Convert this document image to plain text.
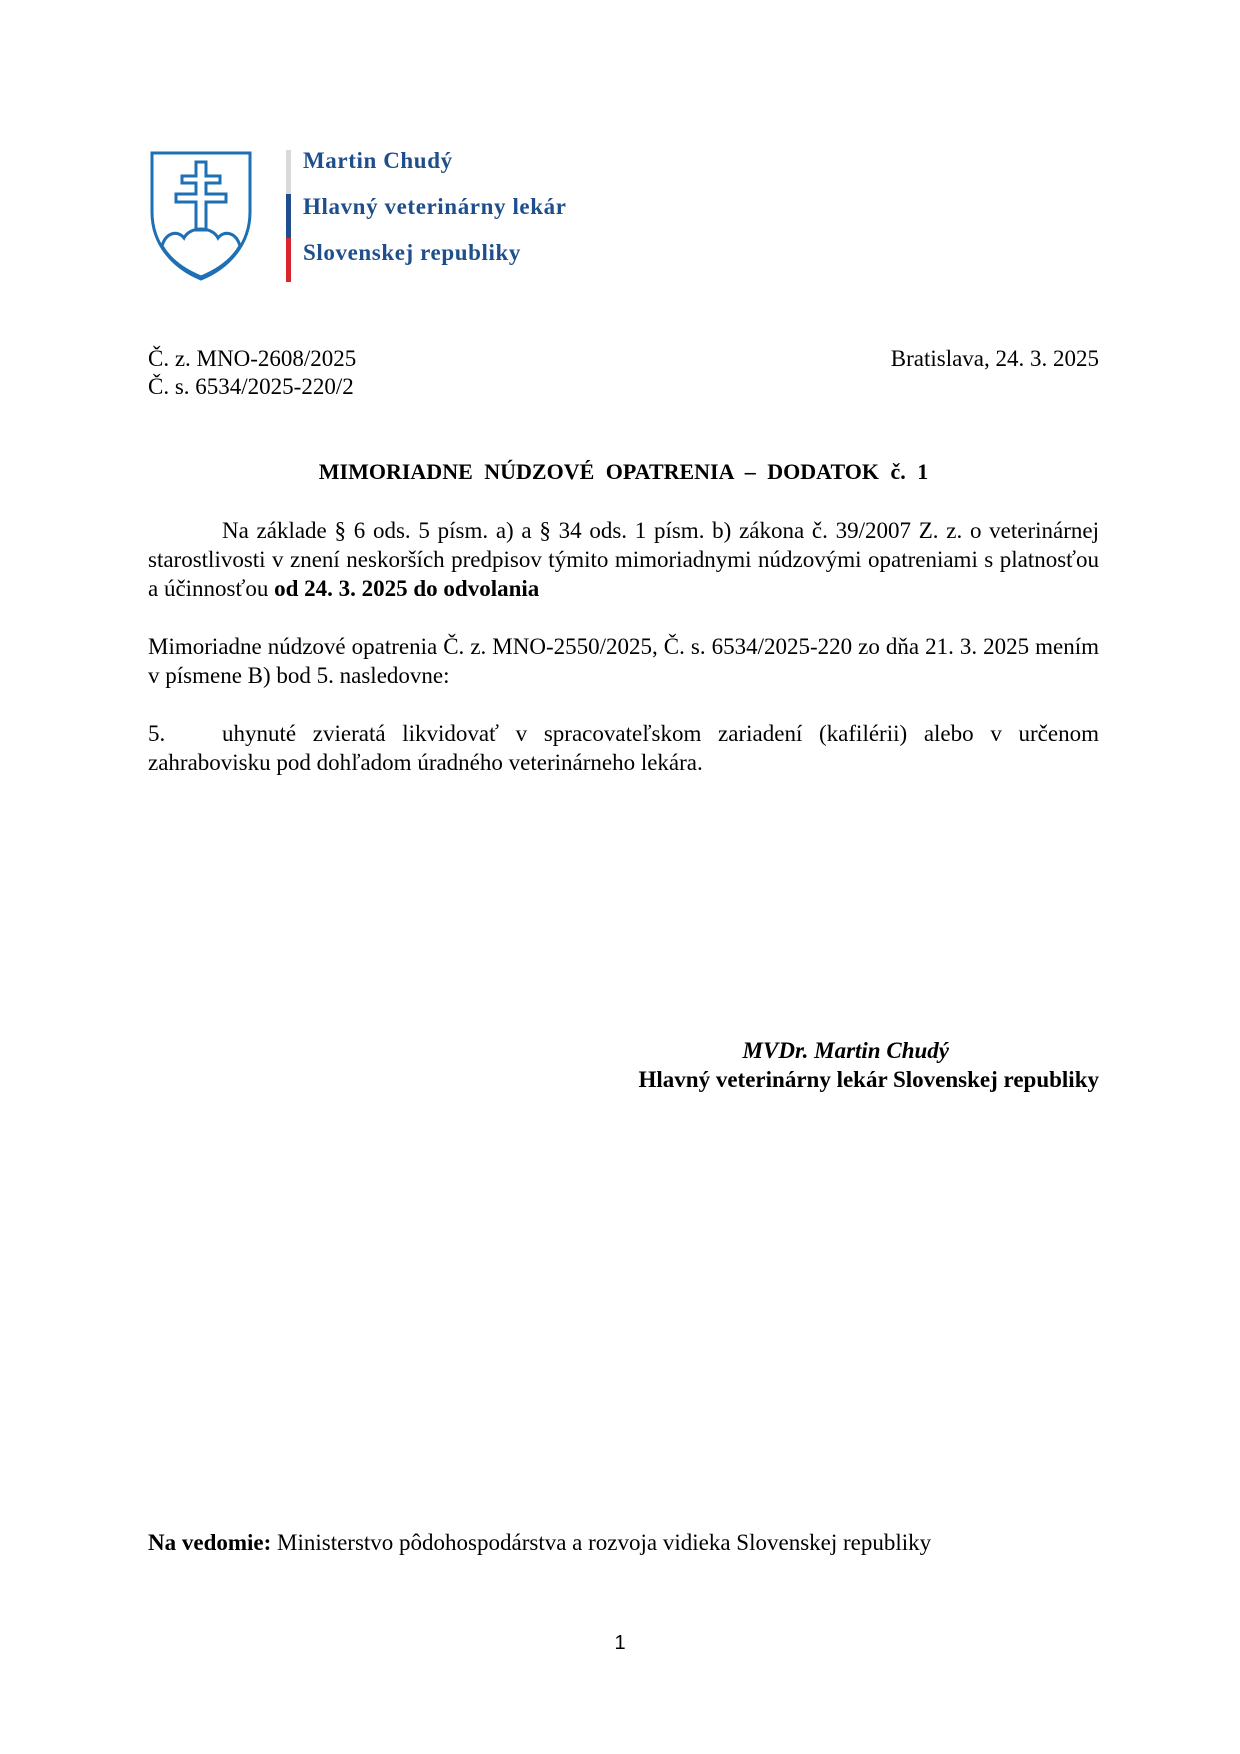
Martin Chudý
Hlavný veterinárny lekár
Slovenskej republiky
Č. z. MNO-2608/2025
Č. s. 6534/2025-220/2
Bratislava, 24. 3. 2025
MIMORIADNE NÚDZOVÉ OPATRENIA – DODATOK č. 1
Na základe § 6 ods. 5 písm. a) a § 34 ods. 1 písm. b) zákona č. 39/2007 Z. z. o veterinárnej starostlivosti v znení neskorších predpisov týmito mimoriadnymi núdzovými opatreniami s platnosťou a účinnosťou od 24. 3. 2025 do odvolania
Mimoriadne núdzové opatrenia Č. z. MNO-2550/2025, Č. s. 6534/2025-220 zo dňa 21. 3. 2025 mením v písmene B) bod 5. nasledovne:
5. uhynuté zvieratá likvidovať v spracovateľskom zariadení (kafilérii) alebo v určenom zahrabovisku pod dohľadom úradného veterinárneho lekára.
MVDr. Martin Chudý
Hlavný veterinárny lekár Slovenskej republiky
Na vedomie: Ministerstvo pôdohospodárstva a rozvoja vidieka Slovenskej republiky
1
